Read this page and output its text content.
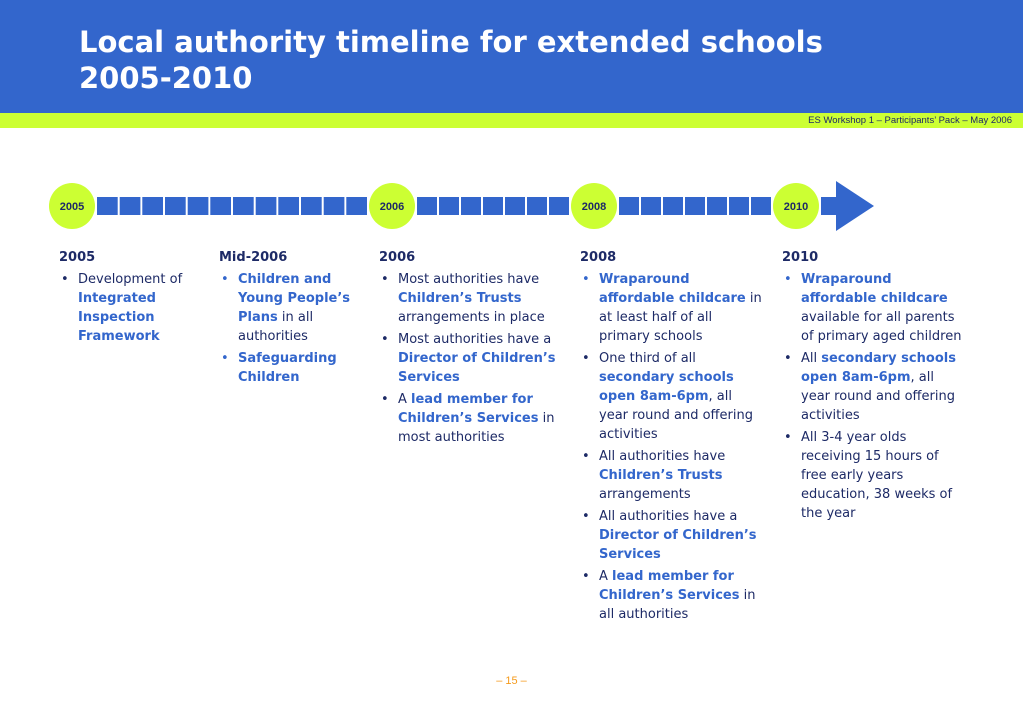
Local authority timeline for extended schools
2005-2010
ES Workshop 1 – Participants’ Pack – May 2006
2005	2006	2008	2010
2005
• Development of Integrated Inspection Framework
Mid-2006
• Children and Young People’s Plans in all authorities
• Safeguarding Children
2006
• Most authorities have Children’s Trusts arrangements in place
• Most authorities have a Director of Children’s Services
• A lead member for Children’s Services in most authorities
2008
• Wraparound affordable childcare in at least half of all primary schools
• One third of all secondary schools open 8am-6pm, all year round and offering activities
• All authorities have Children’s Trusts arrangements
• All authorities have a Director of Children’s Services
• A lead member for Children’s Services in all authorities
2010
• Wraparound affordable childcare available for all parents of primary aged children
• All secondary schools open 8am-6pm, all year round and offering activities
• All 3-4 year olds receiving 15 hours of free early years education, 38 weeks of the year
– 15 –
